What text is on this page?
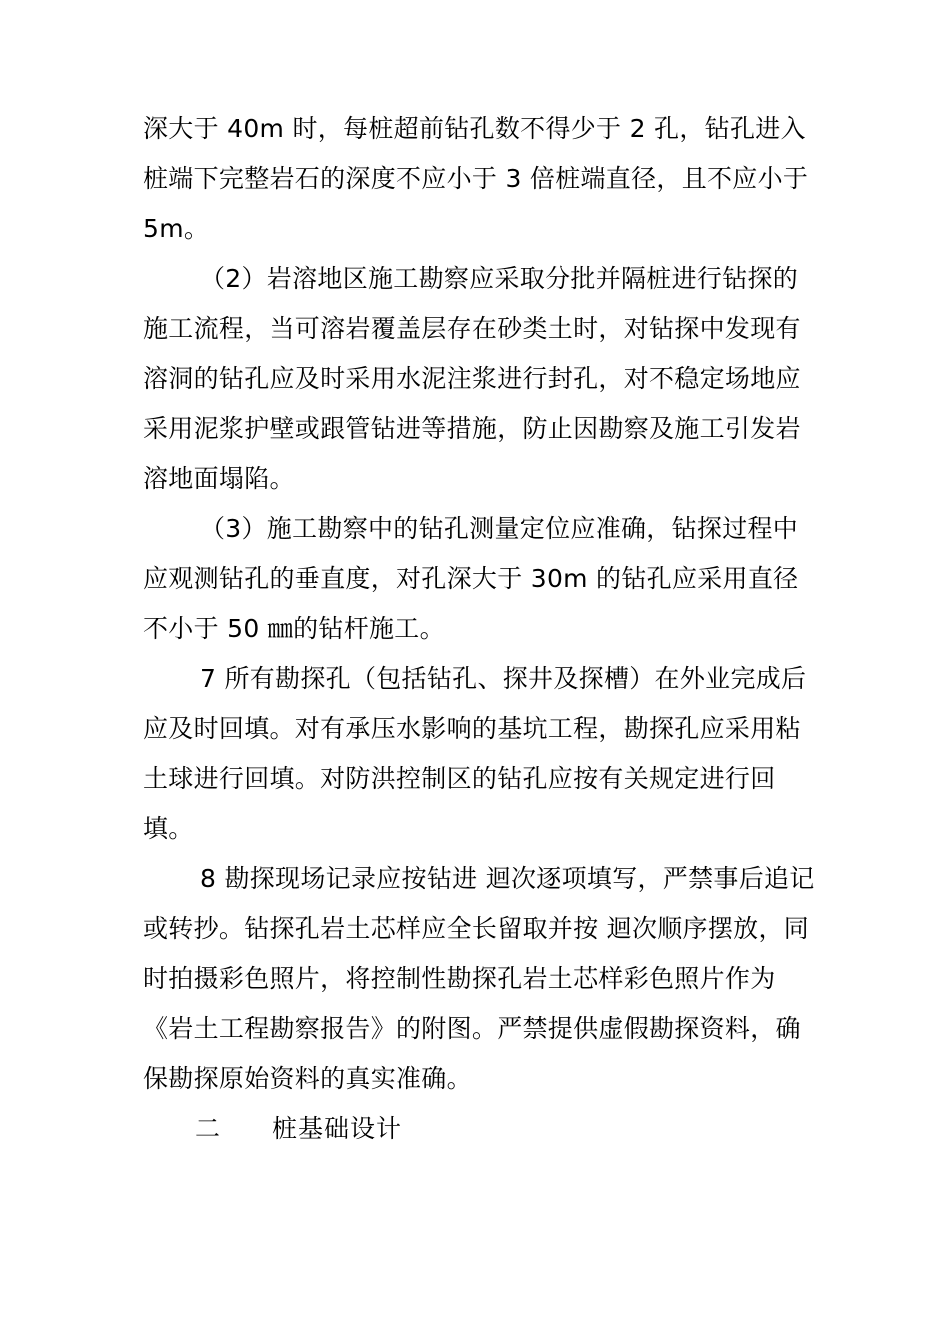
深大于 40m 时，每桩超前钻孔数不得少于 2 孔，钻孔进入
桩端下完整岩石的深度不应小于 3 倍桩端直径，且不应小于
5m。
（2）岩溶地区施工勘察应采取分批并隔桩进行钻探的
施工流程，当可溶岩覆盖层存在砂类土时，对钻探中发现有
溶洞的钻孔应及时采用水泥注浆进行封孔，对不稳定场地应
采用泥浆护壁或跟管钻进等措施，防止因勘察及施工引发岩
溶地面塌陷。
（3）施工勘察中的钻孔测量定位应准确，钻探过程中
应观测钻孔的垂直度，对孔深大于 30m 的钻孔应采用直径
不小于 50 ㎜的钻杆施工。
7 所有勘探孔（包括钻孔、探井及探槽）在外业完成后
应及时回填。对有承压水影响的基坑工程，勘探孔应采用粘
土球进行回填。对防洪控制区的钻孔应按有关规定进行回
填。
8 勘探现场记录应按钻进 迴次逐项填写，严禁事后追记
或转抄。钻探孔岩土芯样应全长留取并按 迴次顺序摆放，同
时拍摄彩色照片，将控制性勘探孔岩土芯样彩色照片作为
《岩土工程勘察报告》的附图。严禁提供虚假勘探资料，确
保勘探原始资料的真实准确。
二 桩基础设计
